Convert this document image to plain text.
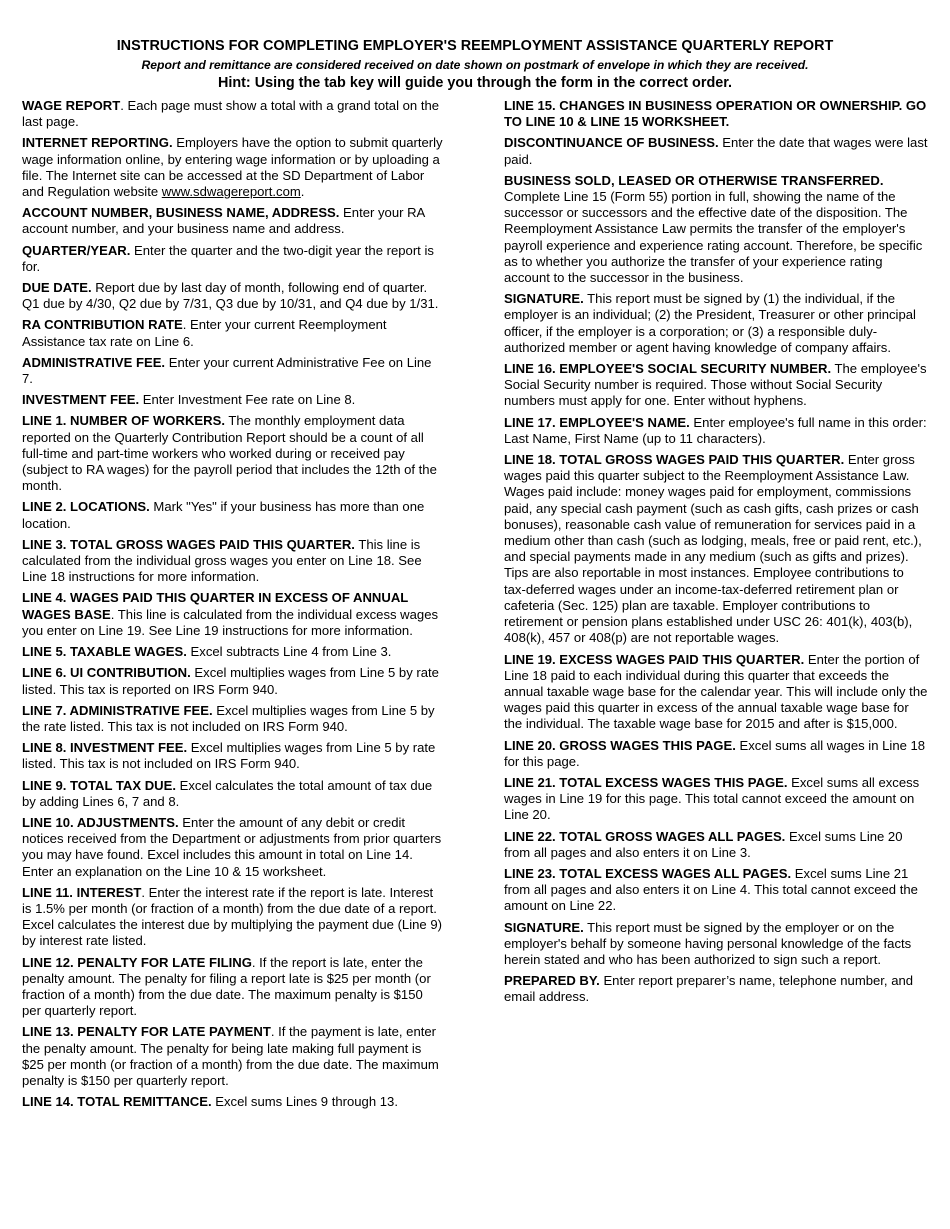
INSTRUCTIONS FOR COMPLETING EMPLOYER'S REEMPLOYMENT ASSISTANCE QUARTERLY REPORT
Report and remittance are considered received on date shown on postmark of envelope in which they are received.
Hint: Using the tab key will guide you through the form in the correct order.

WAGE REPORT. Each page must show a total with a grand total on the last page.

INTERNET REPORTING. Employers have the option to submit quarterly wage information online, by entering wage information or by uploading a file. The Internet site can be accessed at the SD Department of Labor and Regulation website www.sdwagereport.com.

ACCOUNT NUMBER, BUSINESS NAME, ADDRESS. Enter your RA account number, and your business name and address.

QUARTER/YEAR. Enter the quarter and the two-digit year the report is for.

DUE DATE. Report due by last day of month, following end of quarter. Q1 due by 4/30, Q2 due by 7/31, Q3 due by 10/31, and Q4 due by 1/31.

RA CONTRIBUTION RATE. Enter your current Reemployment Assistance tax rate on Line 6.

ADMINISTRATIVE FEE. Enter your current Administrative Fee on Line 7.

INVESTMENT FEE. Enter Investment Fee rate on Line 8.

LINE 1. NUMBER OF WORKERS. The monthly employment data reported on the Quarterly Contribution Report should be a count of all full-time and part-time workers who worked during or received pay (subject to RA wages) for the payroll period that includes the 12th of the month.

LINE 2. LOCATIONS. Mark "Yes" if your business has more than one location.

LINE 3. TOTAL GROSS WAGES PAID THIS QUARTER. This line is calculated from the individual gross wages you enter on Line 18. See Line 18 instructions for more information.

LINE 4. WAGES PAID THIS QUARTER IN EXCESS OF ANNUAL WAGES BASE. This line is calculated from the individual excess wages you enter on Line 19. See Line 19 instructions for more information.

LINE 5. TAXABLE WAGES. Excel subtracts Line 4 from Line 3.

LINE 6. UI CONTRIBUTION. Excel multiplies wages from Line 5 by rate listed. This tax is reported on IRS Form 940.

LINE 7. ADMINISTRATIVE FEE. Excel multiplies wages from Line 5 by the rate listed. This tax is not included on IRS Form 940.

LINE 8. INVESTMENT FEE. Excel multiplies wages from Line 5 by rate listed. This tax is not included on IRS Form 940.

LINE 9. TOTAL TAX DUE. Excel calculates the total amount of tax due by adding Lines 6, 7 and 8.

LINE 10. ADJUSTMENTS. Enter the amount of any debit or credit notices received from the Department or adjustments from prior quarters you may have found. Excel includes this amount in total on Line 14. Enter an explanation on the Line 10 & 15 worksheet.

LINE 11. INTEREST. Enter the interest rate if the report is late. Interest is 1.5% per month (or fraction of a month) from the due date of a report. Excel calculates the interest due by multiplying the payment due (Line 9) by interest rate listed.

LINE 12. PENALTY FOR LATE FILING. If the report is late, enter the penalty amount. The penalty for filing a report late is $25 per month (or fraction of a month) from the due date. The maximum penalty is $150 per quarterly report.

LINE 13. PENALTY FOR LATE PAYMENT. If the payment is late, enter the penalty amount. The penalty for being late making full payment is $25 per month (or fraction of a month) from the due date. The maximum penalty is $150 per quarterly report.

LINE 14. TOTAL REMITTANCE. Excel sums Lines 9 through 13.

LINE 15. CHANGES IN BUSINESS OPERATION OR OWNERSHIP. GO TO LINE 10 & LINE 15 WORKSHEET.

DISCONTINUANCE OF BUSINESS. Enter the date that wages were last paid.

BUSINESS SOLD, LEASED OR OTHERWISE TRANSFERRED. Complete Line 15 (Form 55) portion in full, showing the name of the successor or successors and the effective date of the disposition. The Reemployment Assistance Law permits the transfer of the employer's payroll experience and experience rating account. Therefore, be specific as to whether you authorize the transfer of your experience rating account to the successor in the business.

SIGNATURE. This report must be signed by (1) the individual, if the employer is an individual; (2) the President, Treasurer or other principal officer, if the employer is a corporation; or (3) a responsible duly-authorized member or agent having knowledge of company affairs.

LINE 16. EMPLOYEE'S SOCIAL SECURITY NUMBER. The employee's Social Security number is required. Those without Social Security numbers must apply for one. Enter without hyphens.

LINE 17. EMPLOYEE'S NAME. Enter employee's full name in this order: Last Name, First Name (up to 11 characters).

LINE 18. TOTAL GROSS WAGES PAID THIS QUARTER. Enter gross wages paid this quarter subject to the Reemployment Assistance Law. Wages paid include: money wages paid for employment, commissions paid, any special cash payment (such as cash gifts, cash prizes or cash bonuses), reasonable cash value of remuneration for services paid in a medium other than cash (such as lodging, meals, free or paid rent, etc.), and special payments made in any medium (such as gifts and prizes). Tips are also reportable in most instances. Employee contributions to tax-deferred wages under an income-tax-deferred retirement plan or cafeteria (Sec. 125) plan are taxable. Employer contributions to retirement or pension plans established under USC 26: 401(k), 403(b), 408(k), 457 or 408(p) are not reportable wages.

LINE 19. EXCESS WAGES PAID THIS QUARTER. Enter the portion of Line 18 paid to each individual during this quarter that exceeds the annual taxable wage base for the calendar year. This will include only the wages paid this quarter in excess of the annual taxable wage base for the individual. The taxable wage base for 2015 and after is $15,000.

LINE 20. GROSS WAGES THIS PAGE. Excel sums all wages in Line 18 for this page.

LINE 21. TOTAL EXCESS WAGES THIS PAGE. Excel sums all excess wages in Line 19 for this page. This total cannot exceed the amount on Line 20.

LINE 22. TOTAL GROSS WAGES ALL PAGES. Excel sums Line 20 from all pages and also enters it on Line 3.

LINE 23. TOTAL EXCESS WAGES ALL PAGES. Excel sums Line 21 from all pages and also enters it on Line 4. This total cannot exceed the amount on Line 22.

SIGNATURE. This report must be signed by the employer or on the employer's behalf by someone having personal knowledge of the facts herein stated and who has been authorized to sign such a report.

PREPARED BY. Enter report preparer’s name, telephone number, and email address.
